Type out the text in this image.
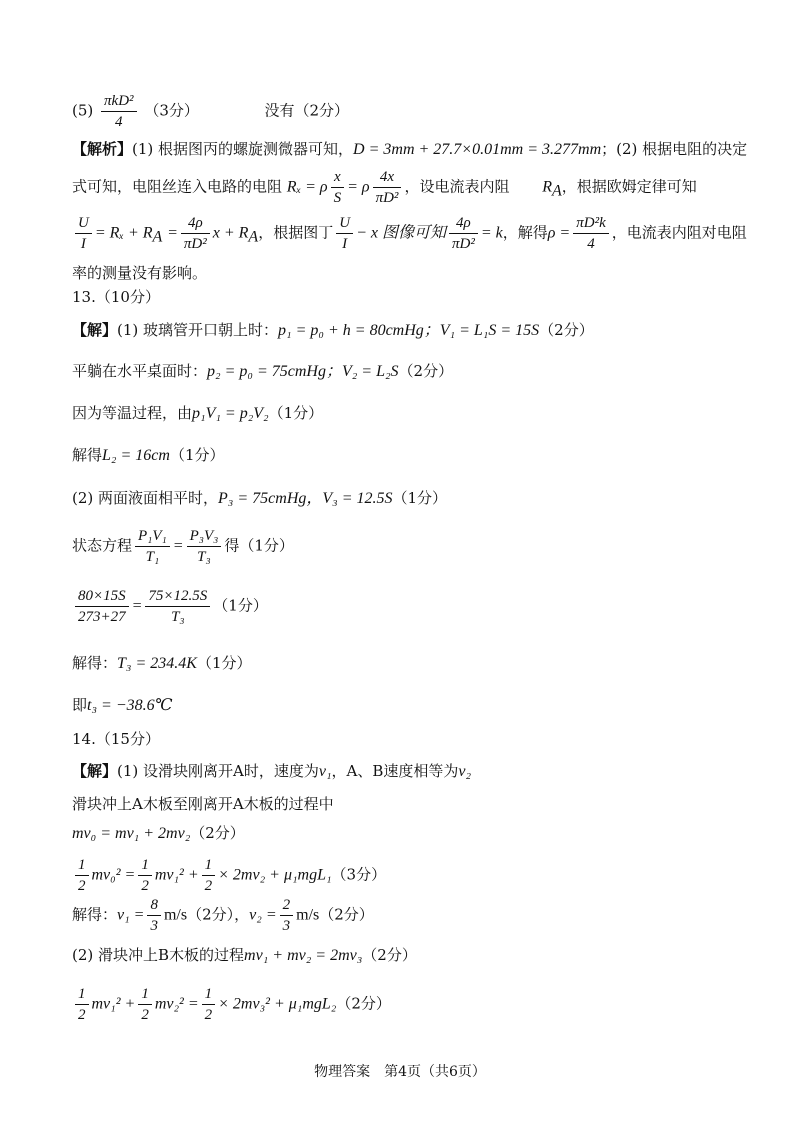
$(5) \frac{\text{πkD²}}{4} (3$分）	没有（2分）
【解析】(1) 根据图丙的螺旋测微器可知，D = 3mm + 27.7×0.01mm = 3.277mm；(2) 根据电阻的决定
式可知，电阻丝连入电路的电阻 Rₓ = ρ $\frac{x}{S} = \rho \frac{4x}{\text{πD²}}$ ，设电流表内阻 $R_A$，根据欧姆定律可知
$\frac{U}{I} = R_x + R_A = \frac{4\rho}{\text{πD²}}$ $x + R_A$，根据图丁 $\frac{U}{I} - x$ 图像可知 $\frac{4\rho}{\text{πD²}} = k$，解得$\rho = \frac{\text{πD²k}}{4}$ ，电流表内阻对电阻
率的测量没有影响。
13.（10分）
【解】(1) 玻璃管开口朝上时：p₁ = p₀ + h = 80cmHg；V₁ = L₁S = 15S（2分）
平躺在水平桌面时：p₂ = p₀ = 75cmHg；V₂ = L₂S（2分）
因为等温过程，由p₁V₁ = p₂V₂（1分）
解得L₂ = 16cm（1分）
(2) 两面液面相平时，P₃ = 75cmHg，V₃ = 12.5S（1分）
状态方程 $\frac{\text{P₁V₁}}{\text{T₁}} = \frac{\text{P₃V₃}}{\text{T₃}}$ 得（1分）
$\frac{80\times 15S}{273+27} = \frac{75\times 12.5S}{\text{T₃}} (1$分）
解得：T₃ = 234.4K（1分）
即t₃ = −38.6℃
14.（15分）
【解】(1) 设滑块刚离开A时，速度为v₁，A、B速度相等为v₂
滑块冲上A木板至刚离开A木板的过程中
mv₀ = mv₁ + 2mv₂（2分）
$\frac{1}{2} mv_0^2 = \frac{1}{2} mv_1^2 + \frac{1}{2} \times 2mv_2 + \mu_1mgL_1(3$分）
解得：$v_1 = \frac{8}{3} m/s(2$分），$v_2 = \frac{2}{3} m/s(2$分）
(2) 滑块冲上B木板的过程mv₁ + mv₂ = 2mv₃（2分）
$\frac{1}{2} mv_1^2 + \frac{1}{2} mv_2^2 = \frac{1}{2} \times 2mv_3^2 + \mu_1mgL_2(2$分）
物理答案　第4页（共6页）
